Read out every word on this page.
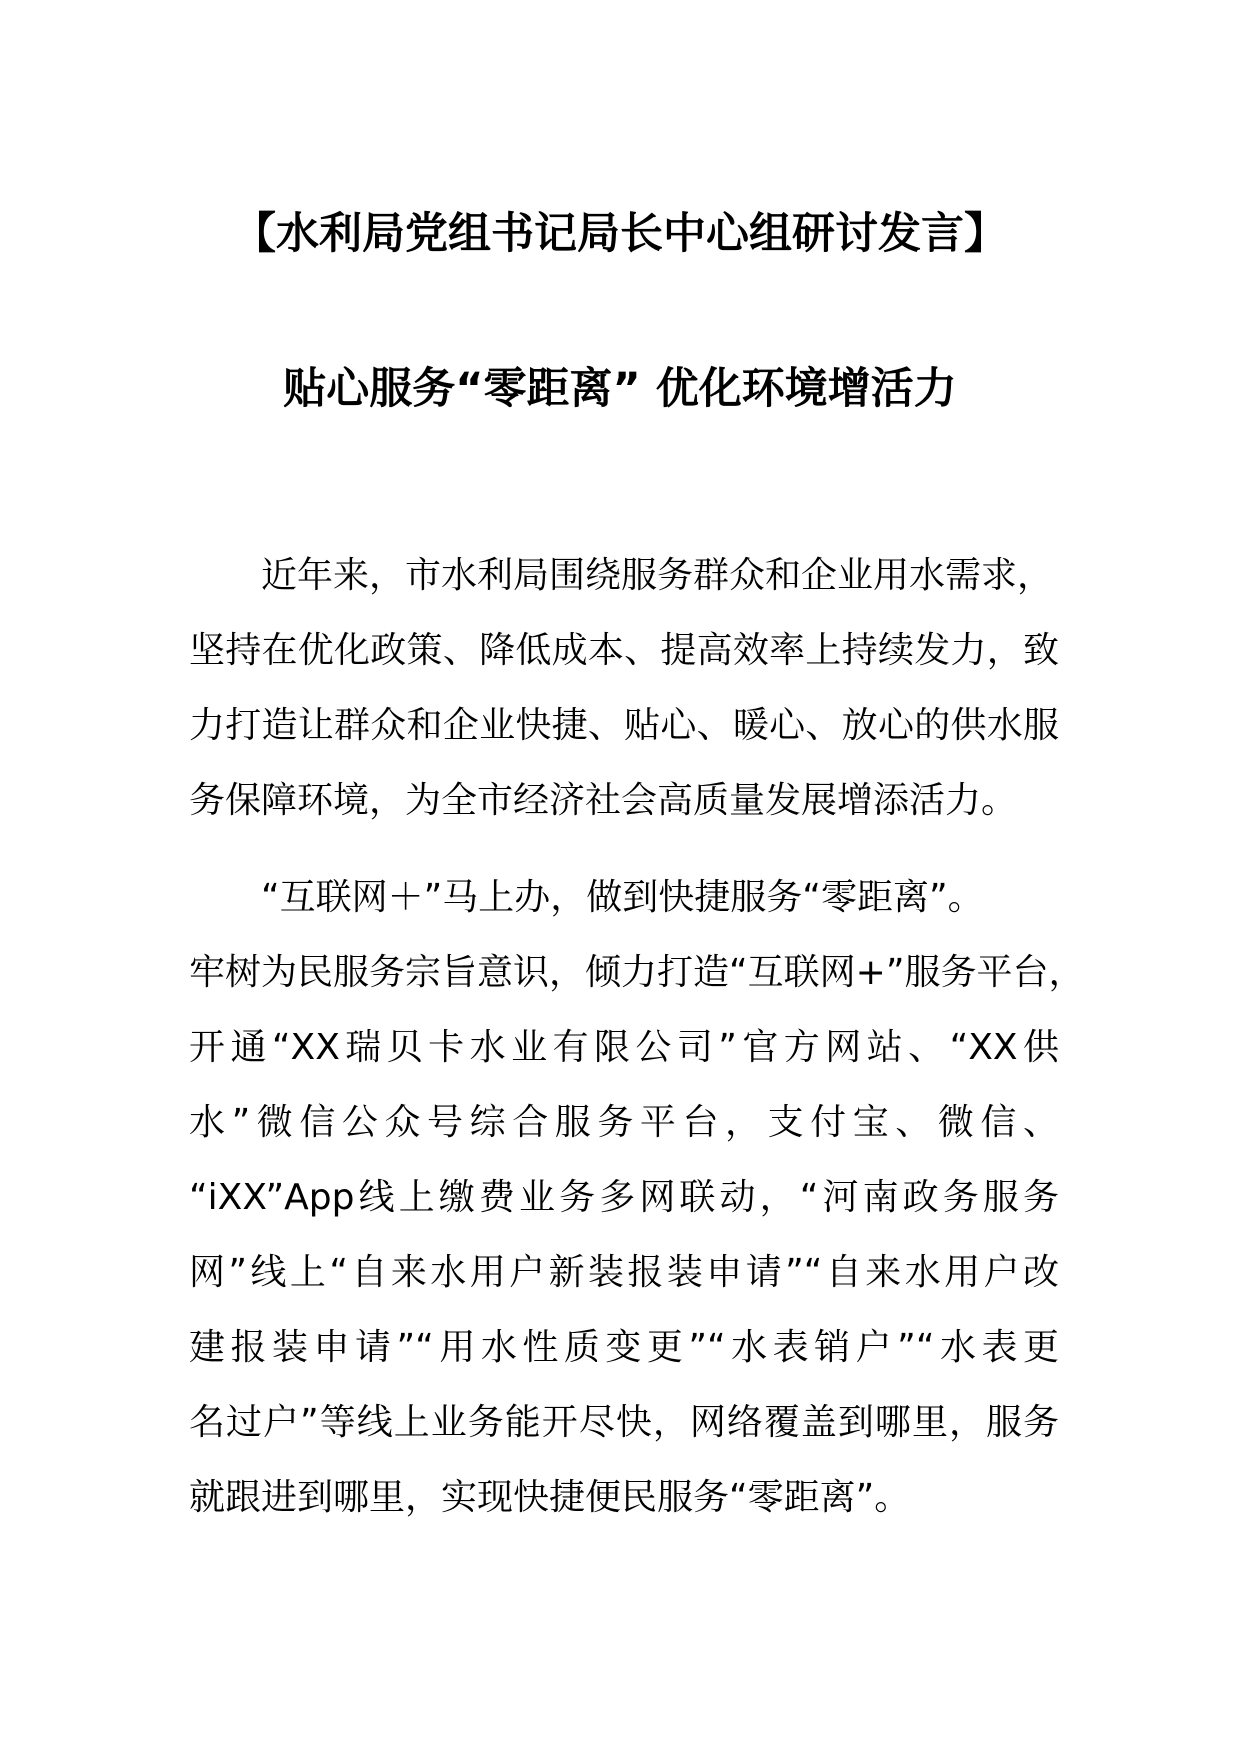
【水利局党组书记局长中心组研讨发言】
贴心服务“零距离” 优化环境增活力
近年来，市水利局围绕服务群众和企业用水需求，
坚持在优化政策、降低成本、提高效率上持续发力，致
力打造让群众和企业快捷、贴心、暖心、放心的供水服
务保障环境，为全市经济社会高质量发展增添活力。
“互联网＋”马上办，做到快捷服务“零距离”。
牢树为民服务宗旨意识，倾力打造“互联网+”服务平台，
开通“XX瑞贝卡水业有限公司”官方网站、“XX供
水”微信公众号综合服务平台，支付宝、微信、
“iXX”App线上缴费业务多网联动，“河南政务服务
网”线上“自来水用户新装报装申请”“自来水用户改
建报装申请”“用水性质变更”“水表销户”“水表更
名过户”等线上业务能开尽快，网络覆盖到哪里，服务
就跟进到哪里，实现快捷便民服务“零距离”。
